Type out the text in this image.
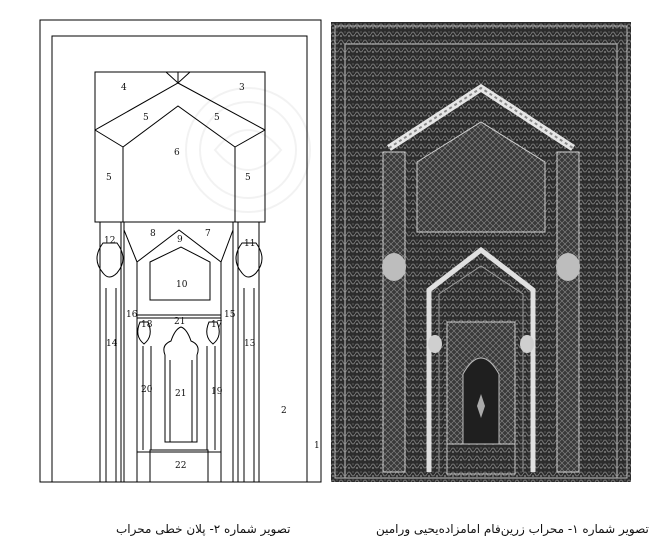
1
2
3
4
5	5
5	5
6
7
8
9
10
11
12
13
14
15
16
17
18
19
20
21
21
22
تصویر شماره ۱- محراب زرین‌فام امامزاده‌یحیی ورامین
تصویر شماره ۲- پلان خطی محراب
